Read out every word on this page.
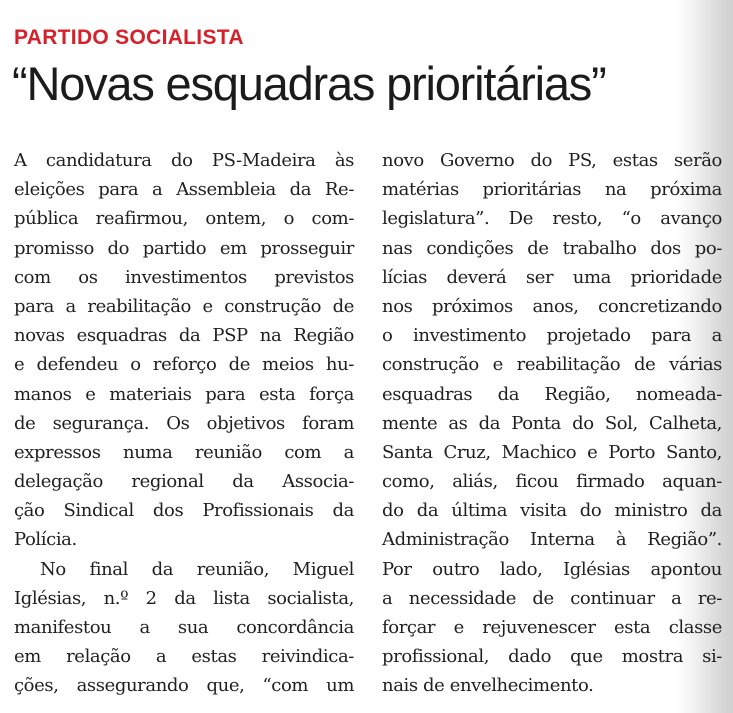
PARTIDO SOCIALISTA
“Novas esquadras prioritárias”
A candidatura do PS-Madeira às
eleições para a Assembleia da Re-
pública reafirmou, ontem, o com-
promisso do partido em prosseguir
com os investimentos previstos
para a reabilitação e construção de
novas esquadras da PSP na Região
e defendeu o reforço de meios hu-
manos e materiais para esta força
de segurança. Os objetivos foram
expressos numa reunião com a
delegação regional da Associa-
ção Sindical dos Profissionais da
Polícia.
No final da reunião, Miguel
Iglésias, n.º 2 da lista socialista,
manifestou a sua concordância
em relação a estas reivindica-
ções, assegurando que, “com um
novo Governo do PS, estas serão
matérias prioritárias na próxima
legislatura”. De resto, “o avanço
nas condições de trabalho dos po-
lícias deverá ser uma prioridade
nos próximos anos, concretizando
o investimento projetado para a
construção e reabilitação de várias
esquadras da Região, nomeada-
mente as da Ponta do Sol, Calheta,
Santa Cruz, Machico e Porto Santo,
como, aliás, ficou firmado aquan-
do da última visita do ministro da
Administração Interna à Região”.
Por outro lado, Iglésias apontou
a necessidade de continuar a re-
forçar e rejuvenescer esta classe
profissional, dado que mostra si-
nais de envelhecimento.
